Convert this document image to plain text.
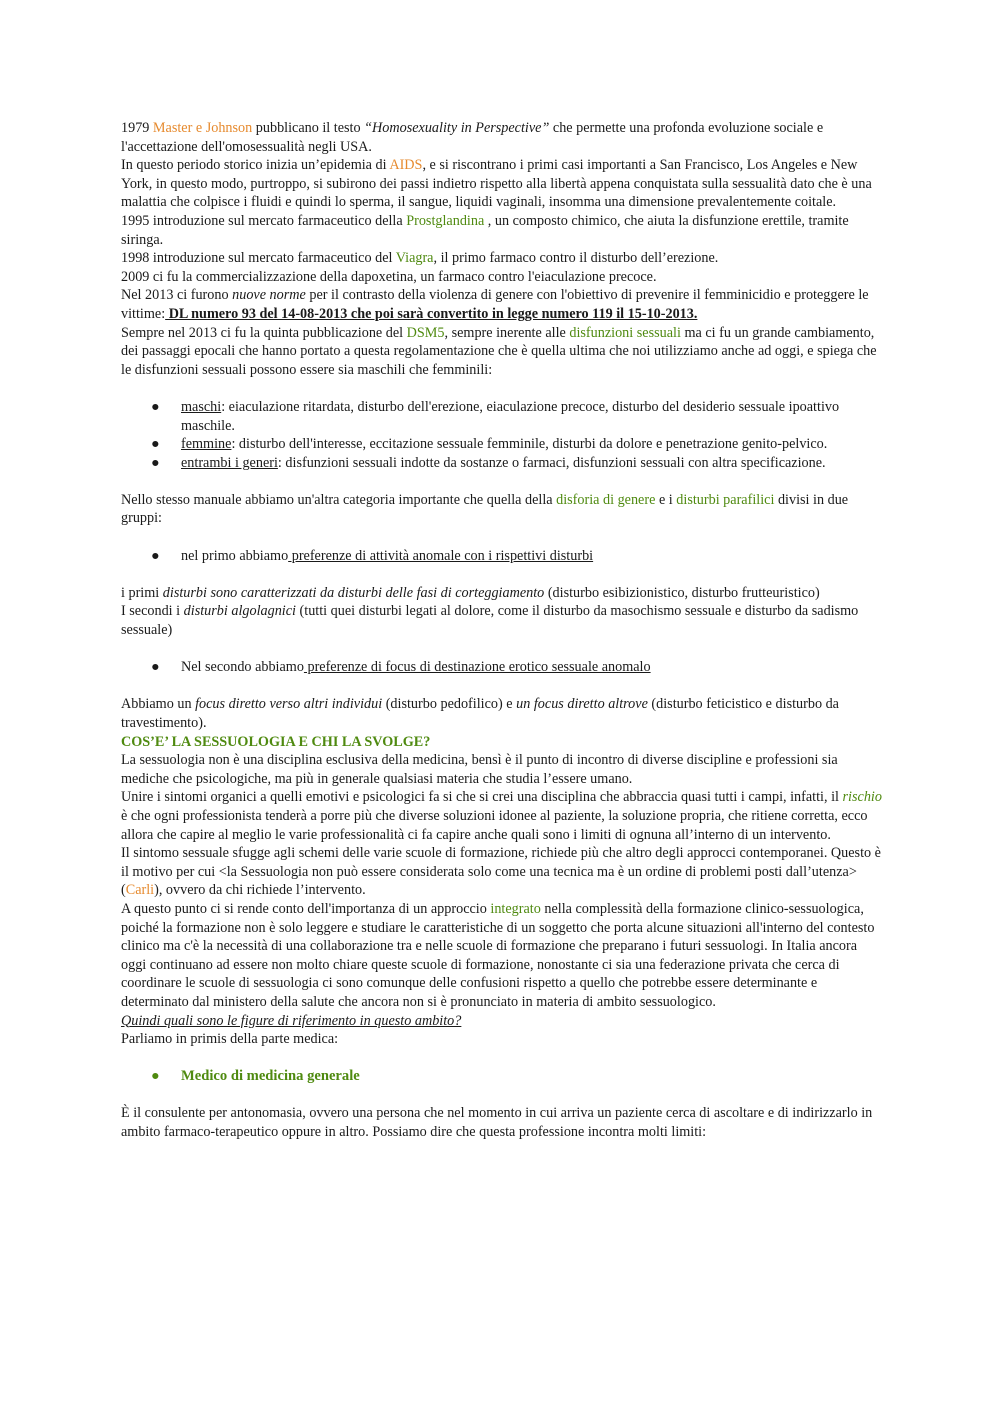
1979 Master e Johnson pubblicano il testo “Homosexuality in Perspective” che permette una profonda evoluzione sociale e l'accettazione dell'omosessualità negli USA.

In questo periodo storico inizia un’epidemia di AIDS, e si riscontrano i primi casi importanti a San Francisco, Los Angeles e New York, in questo modo, purtroppo, si subirono dei passi indietro rispetto alla libertà appena conquistata sulla sessualità dato che è una malattia che colpisce i fluidi e quindi lo sperma, il sangue, liquidi vaginali, insomma una dimensione prevalentemente coitale.

1995 introduzione sul mercato farmaceutico della Prostglandina , un composto chimico, che aiuta la disfunzione erettile, tramite siringa.

1998 introduzione sul mercato farmaceutico del Viagra, il primo farmaco contro il disturbo dell’erezione.

2009 ci fu la commercializzazione della dapoxetina, un farmaco contro l'eiaculazione precoce.

Nel 2013 ci furono nuove norme per il contrasto della violenza di genere con l'obiettivo di prevenire il femminicidio e proteggere le vittime: DL numero 93 del 14-08-2013 che poi sarà convertito in legge numero 119 il 15-10-2013.

Sempre nel 2013 ci fu la quinta pubblicazione del DSM5, sempre inerente alle disfunzioni sessuali ma ci fu un grande cambiamento, dei passaggi epocali che hanno portato a questa regolamentazione che è quella ultima che noi utilizziamo anche ad oggi, e spiega che le disfunzioni sessuali possono essere sia maschili che femminili:

● maschi: eiaculazione ritardata, disturbo dell'erezione, eiaculazione precoce, disturbo del desiderio sessuale ipoattivo maschile.
● femmine: disturbo dell'interesse, eccitazione sessuale femminile, disturbi da dolore e penetrazione genito-pelvico.
● entrambi i generi: disfunzioni sessuali indotte da sostanze o farmaci, disfunzioni sessuali con altra specificazione.

Nello stesso manuale abbiamo un'altra categoria importante che quella della disforia di genere e i disturbi parafilici divisi in due gruppi:

● nel primo abbiamo preferenze di attività anomale con i rispettivi disturbi

i primi disturbi sono caratterizzati da disturbi delle fasi di corteggiamento (disturbo esibizionistico, disturbo frutteuristico)

I secondi i disturbi algolagnici (tutti quei disturbi legati al dolore, come il disturbo da masochismo sessuale e disturbo da sadismo sessuale)

● Nel secondo abbiamo preferenze di focus di destinazione erotico sessuale anomalo

Abbiamo un focus diretto verso altri individui (disturbo pedofilico) e un focus diretto altrove (disturbo feticistico e disturbo da travestimento).

COS’E’ LA SESSUOLOGIA E CHI LA SVOLGE?

La sessuologia non è una disciplina esclusiva della medicina, bensì è il punto di incontro di diverse discipline e professioni sia mediche che psicologiche, ma più in generale qualsiasi materia che studia l’essere umano.

Unire i sintomi organici a quelli emotivi e psicologici fa si che si crei una disciplina che abbraccia quasi tutti i campi, infatti, il rischio è che ogni professionista tenderà a porre più che diverse soluzioni idonee al paziente, la soluzione propria, che ritiene corretta, ecco allora che capire al meglio le varie professionalità ci fa capire anche quali sono i limiti di ognuna all’interno di un intervento.

Il sintomo sessuale sfugge agli schemi delle varie scuole di formazione, richiede più che altro degli approcci contemporanei. Questo è il motivo per cui <la Sessuologia non può essere considerata solo come una tecnica ma è un ordine di problemi posti dall’utenza> (Carli), ovvero da chi richiede l’intervento.

A questo punto ci si rende conto dell'importanza di un approccio integrato nella complessità della formazione clinico-sessuologica, poiché la formazione non è solo leggere e studiare le caratteristiche di un soggetto che porta alcune situazioni all'interno del contesto clinico ma c'è la necessità di una collaborazione tra e nelle scuole di formazione che preparano i futuri sessuologi. In Italia ancora oggi continuano ad essere non molto chiare queste scuole di formazione, nonostante ci sia una federazione privata che cerca di coordinare le scuole di sessuologia ci sono comunque delle confusioni rispetto a quello che potrebbe essere determinante e determinato dal ministero della salute che ancora non si è pronunciato in materia di ambito sessuologico.

Quindi quali sono le figure di riferimento in questo ambito?

Parliamo in primis della parte medica:

● Medico di medicina generale

È il consulente per antonomasia, ovvero una persona che nel momento in cui arriva un paziente cerca di ascoltare e di indirizzarlo in ambito farmaco-terapeutico oppure in altro. Possiamo dire che questa professione incontra molti limiti:
